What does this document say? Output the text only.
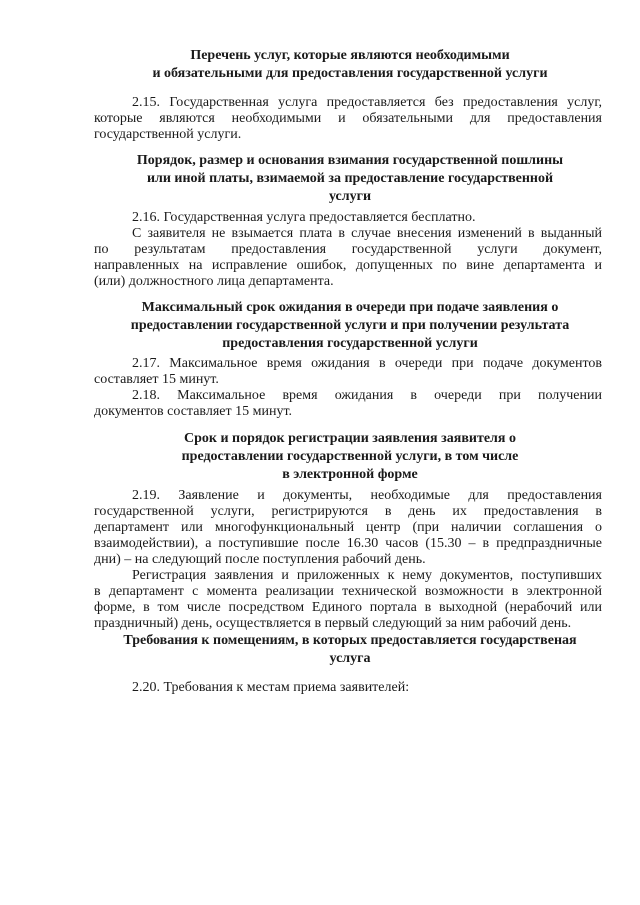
Перечень услуг, которые являются необходимыми
и обязательными для предоставления государственной услуги
2.15. Государственная услуга предоставляется без предоставления услуг,
которые являются необходимыми и обязательными для предоставления
государственной услуги.
Порядок, размер и основания взимания государственной пошлины
или иной платы, взимаемой за предоставление государственной
услуги
2.16. Государственная услуга предоставляется бесплатно.
С заявителя не взымается плата в случае внесения изменений в выданный
по результатам предоставления государственной услуги документ,
направленных на исправление ошибок, допущенных по вине департамента и
(или) должностного лица департамента.
Максимальный срок ожидания в очереди при подаче заявления о
предоставлении государственной услуги и при получении результата
предоставления государственной услуги
2.17. Максимальное время ожидания в очереди при подаче документов
составляет 15 минут.
2.18. Максимальное время ожидания в очереди при получении
документов составляет 15 минут.
Срок и порядок регистрации заявления заявителя о
предоставлении государственной услуги, в том числе
в электронной форме
2.19. Заявление и документы, необходимые для предоставления
государственной услуги, регистрируются в день их предоставления в
департамент или многофункциональный центр (при наличии соглашения о
взаимодействии), а поступившие после 16.30 часов (15.30 – в предпраздничные
дни) – на следующий после поступления рабочий день.
Регистрация заявления и приложенных к нему документов, поступивших
в департамент с момента реализации технической возможности в электронной
форме, в том числе посредством Единого портала в выходной (нерабочий или
праздничный) день, осуществляется в первый следующий за ним рабочий день.
Требования к помещениям, в которых предоставляется государственая
услуга
2.20. Требования к местам приема заявителей:
